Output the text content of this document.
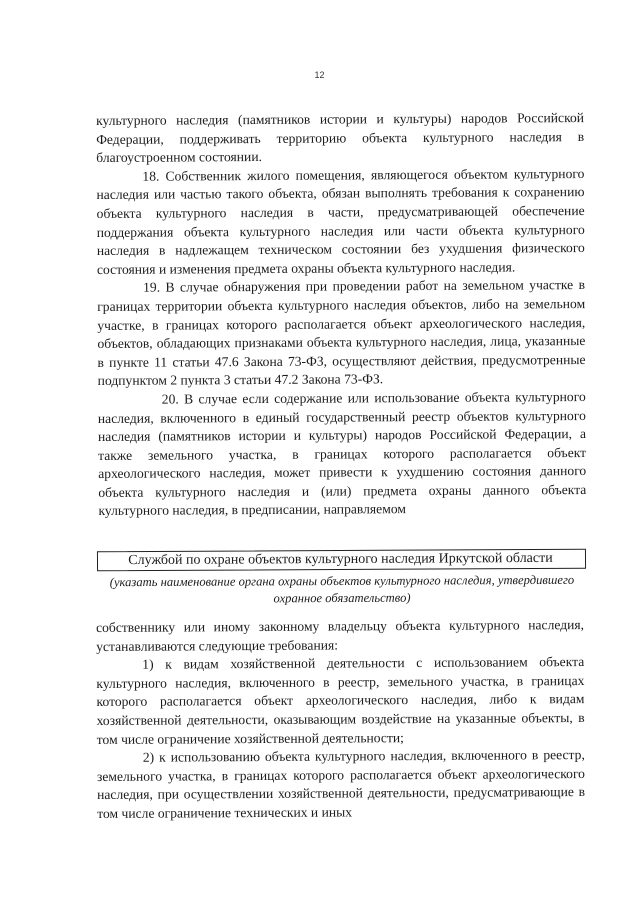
12

культурного наследия (памятников истории и культуры) народов Российской Федерации, поддерживать территорию объекта культурного наследия в благоустроенном состоянии.

18. Собственник жилого помещения, являющегося объектом культурного наследия или частью такого объекта, обязан выполнять требования к сохранению объекта культурного наследия в части, предусматривающей обеспечение поддержания объекта культурного наследия или части объекта культурного наследия в надлежащем техническом состоянии без ухудшения физического состояния и изменения предмета охраны объекта культурного наследия.

19. В случае обнаружения при проведении работ на земельном участке в границах территории объекта культурного наследия объектов, либо на земельном участке, в границах которого располагается объект археологического наследия, объектов, обладающих признаками объекта культурного наследия, лица, указанные в пункте 11 статьи 47.6 Закона 73-ФЗ, осуществляют действия, предусмотренные подпунктом 2 пункта 3 статьи 47.2 Закона 73-ФЗ.

20. В случае если содержание или использование объекта культурного наследия, включенного в единый государственный реестр объектов культурного наследия (памятников истории и культуры) народов Российской Федерации, а также земельного участка, в границах которого располагается объект археологического наследия, может привести к ухудшению состояния данного объекта культурного наследия и (или) предмета охраны данного объекта культурного наследия, в предписании, направляемом

Службой по охране объектов культурного наследия Иркутской области
(указать наименование органа охраны объектов культурного наследия, утвердившего охранное обязательство)

собственнику или иному законному владельцу объекта культурного наследия, устанавливаются следующие требования:

1) к видам хозяйственной деятельности с использованием объекта культурного наследия, включенного в реестр, земельного участка, в границах которого располагается объект археологического наследия, либо к видам хозяйственной деятельности, оказывающим воздействие на указанные объекты, в том числе ограничение хозяйственной деятельности;

2) к использованию объекта культурного наследия, включенного в реестр, земельного участка, в границах которого располагается объект археологического наследия, при осуществлении хозяйственной деятельности, предусматривающие в том числе ограничение технических и иных
